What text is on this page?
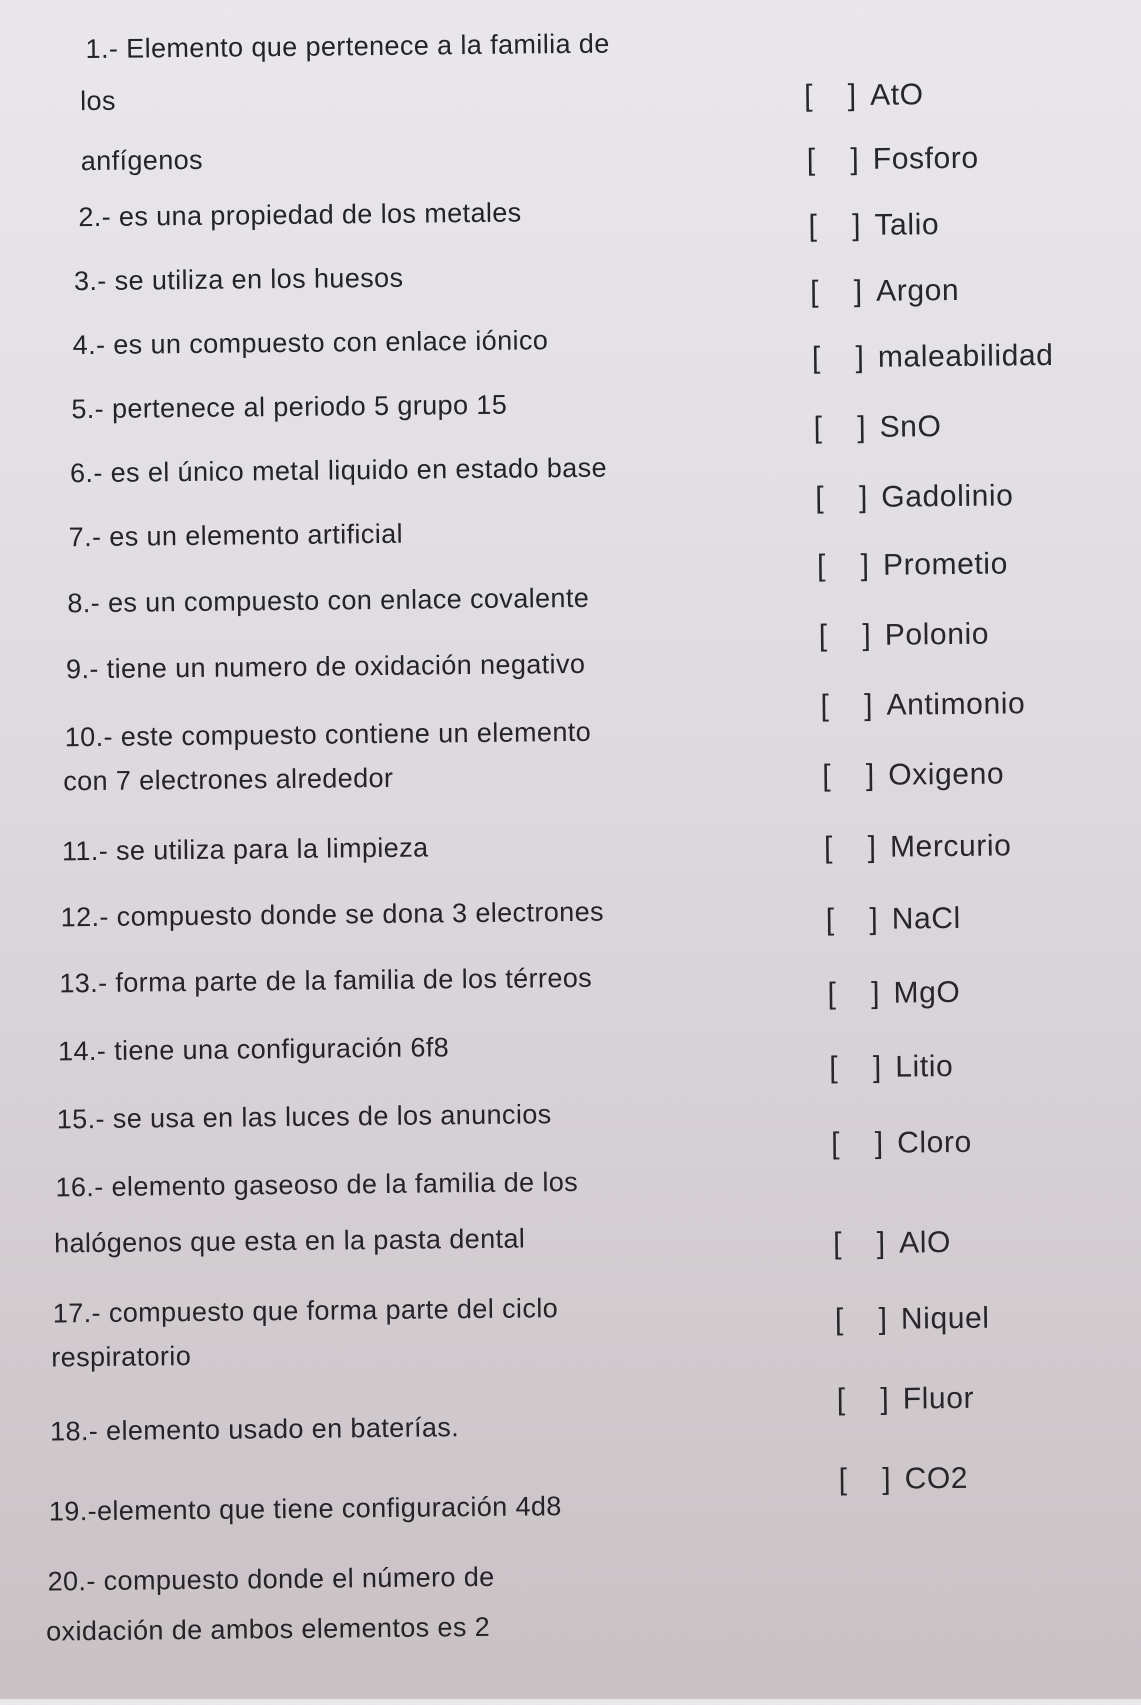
1.- Elemento que pertenece a la familia de
los
anfígenos
2.- es una propiedad de los metales
3.- se utiliza en los huesos
4.- es un compuesto con enlace iónico
5.- pertenece al periodo 5 grupo 15
6.- es el único metal liquido en estado base
7.- es un elemento artificial
8.- es un compuesto con enlace covalente
9.- tiene un numero de oxidación negativo
10.- este compuesto contiene un elemento
con 7 electrones alrededor
11.- se utiliza para la limpieza
12.- compuesto donde se dona 3 electrones
13.- forma parte de la familia de los térreos
14.- tiene una configuración 6f8
15.- se usa en las luces de los anuncios
16.- elemento gaseoso de la familia de los
halógenos que esta en la pasta dental
17.- compuesto que forma parte del ciclo
respiratorio
18.- elemento usado en baterías.
19.-elemento que tiene configuración 4d8
20.- compuesto donde el número de
oxidación de ambos elementos es 2
[ ] AtO
[ ] Fosforo
[ ] Talio
[ ] Argon
[ ] maleabilidad
[ ] SnO
[ ] Gadolinio
[ ] Prometio
[ ] Polonio
[ ] Antimonio
[ ] Oxigeno
[ ] Mercurio
[ ] NaCl
[ ] MgO
[ ] Litio
[ ] Cloro
[ ] AlO
[ ] Niquel
[ ] Fluor
[ ] CO2
